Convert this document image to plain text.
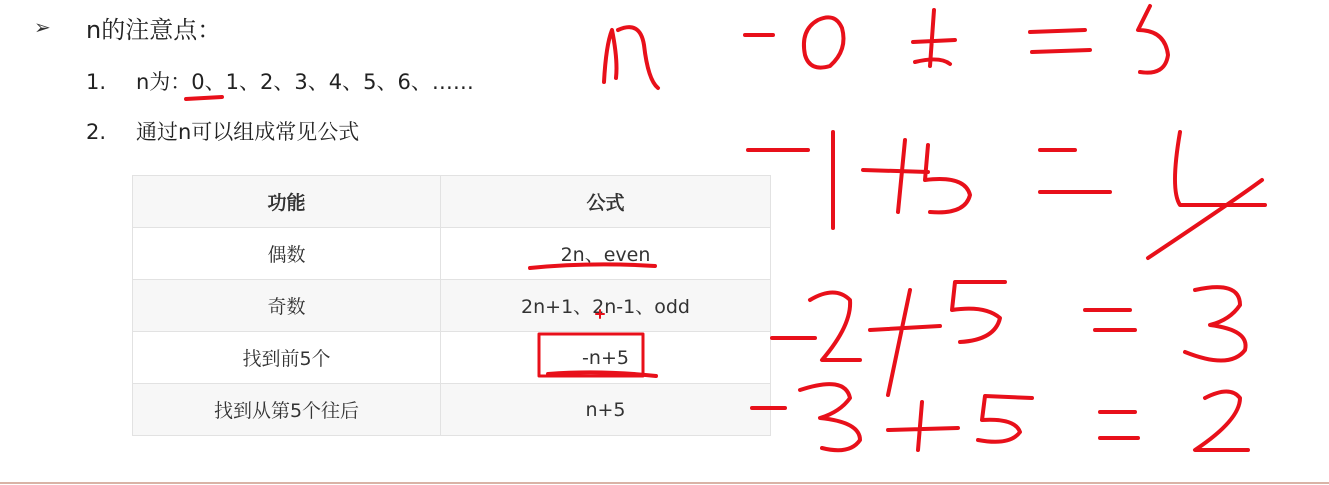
➢ n的注意点：
1. n为：0、1、2、3、4、5、6、……
2. 通过n可以组成常见公式
功能	公式
偶数	2n、even
奇数	2n+1、2n-1、odd
找到前5个	-n+5
找到从第5个往后	n+5
